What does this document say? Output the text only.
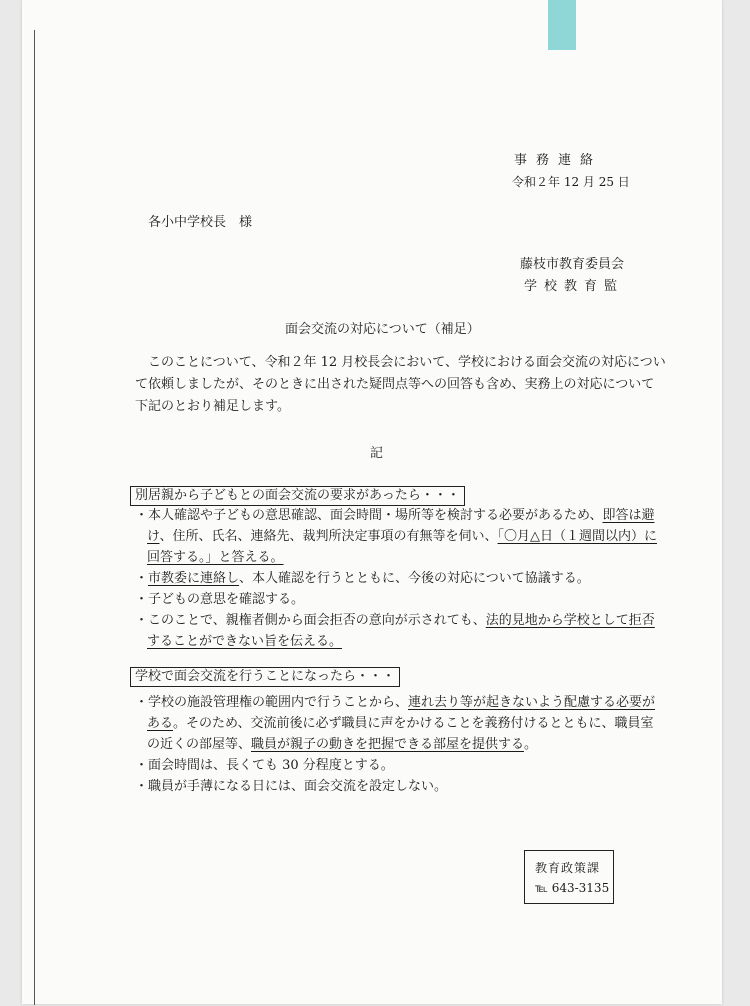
事務連絡
令和２年 12 月 25 日
各小中学校長　様
藤枝市教育委員会
学校教育監
面会交流の対応について（補足）
このことについて、令和２年 12 月校長会において、学校における面会交流の対応につい
て依頼しましたが、そのときに出された疑問点等への回答も含め、実務上の対応について
下記のとおり補足します。
記
別居親から子どもとの面会交流の要求があったら・・・
・本人確認や子どもの意思確認、面会時間・場所等を検討する必要があるため、即答は避
け、住所、氏名、連絡先、裁判所決定事項の有無等を伺い、「〇月△日（１週間以内）に
回答する。」と答える。
・市教委に連絡し、本人確認を行うとともに、今後の対応について協議する。
・子どもの意思を確認する。
・このことで、親権者側から面会拒否の意向が示されても、法的見地から学校として拒否
することができない旨を伝える。
学校で面会交流を行うことになったら・・・
・学校の施設管理権の範囲内で行うことから、連れ去り等が起きないよう配慮する必要が
ある。そのため、交流前後に必ず職員に声をかけることを義務付けるとともに、職員室
の近くの部屋等、職員が親子の動きを把握できる部屋を提供する。
・面会時間は、長くても 30 分程度とする。
・職員が手薄になる日には、面会交流を設定しない。
教育政策課
℡ 643-3135
